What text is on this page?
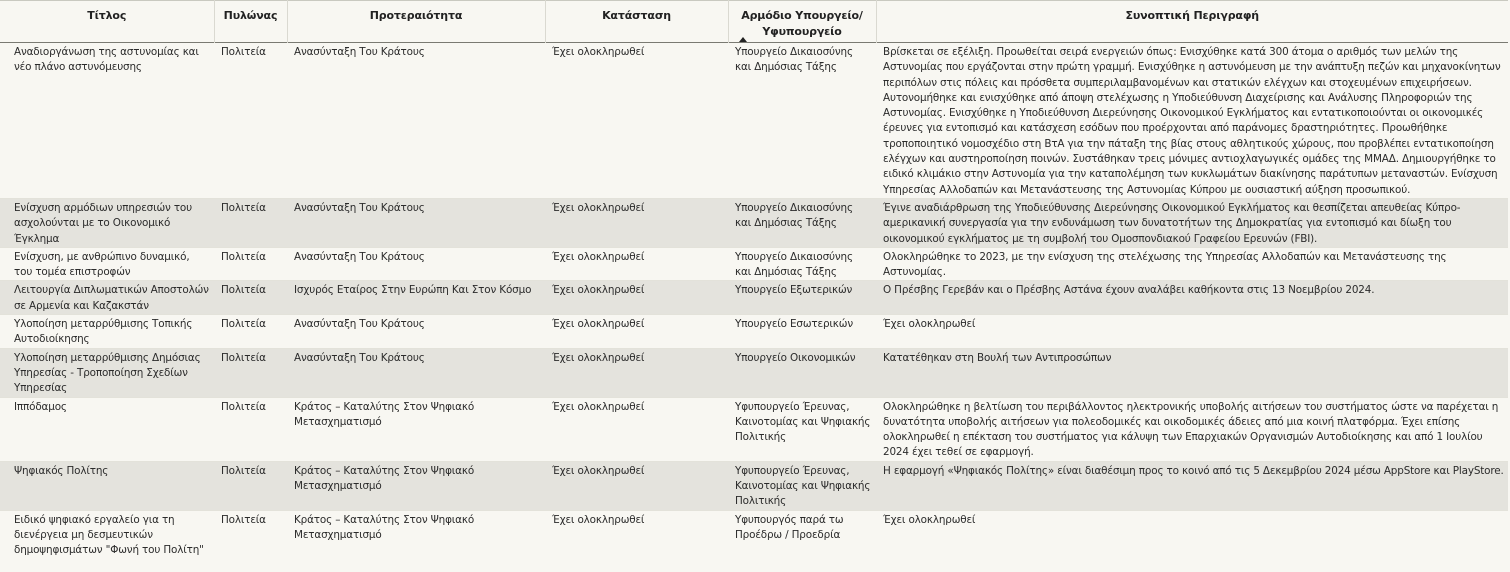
Τίτλος	Πυλώνας	Προτεραιότητα	Κατάσταση	Αρμόδιο Υπουργείο/ Υφυπουργείο	Συνοπτική Περιγραφή
Αναδιοργάνωση της αστυνομίας και νέο πλάνο αστυνόμευσης	Πολιτεία	Ανασύνταξη Του Κράτους	Έχει ολοκληρωθεί	Υπουργείο Δικαιοσύνης και Δημόσιας Τάξης	Βρίσκεται σε εξέλιξη. Προωθείται σειρά ενεργειών όπως: Ενισχύθηκε κατά 300 άτομα ο αριθμός των μελών της Αστυνομίας που εργάζονται στην πρώτη γραμμή. Ενισχύθηκε η αστυνόμευση με την ανάπτυξη πεζών και μηχανοκίνητων περιπόλων στις πόλεις και πρόσθετα συμπεριλαμβανομένων και στατικών ελέγχων και στοχευμένων επιχειρήσεων. Αυτονομήθηκε και ενισχύθηκε από άποψη στελέχωσης η Υποδιεύθυνση Διαχείρισης και Ανάλυσης Πληροφοριών της Αστυνομίας. Ενισχύθηκε η Υποδιεύθυνση Διερεύνησης Οικονομικού Εγκλήματος και εντατικοποιούνται οι οικονομικές έρευνες για εντοπισμό και κατάσχεση εσόδων που προέρχονται από παράνομες δραστηριότητες. Προωθήθηκε τροποποιητικό νομοσχέδιο στη ΒτΑ για την πάταξη της βίας στους αθλητικούς χώρους, που προβλέπει εντατικοποίηση ελέγχων και αυστηροποίηση ποινών. Συστάθηκαν τρεις μόνιμες αντιοχλαγωγικές ομάδες της ΜΜΑΔ. Δημιουργήθηκε το ειδικό κλιμάκιο στην Αστυνομία για την καταπολέμηση των κυκλωμάτων διακίνησης παράτυπων μεταναστών. Ενίσχυση Υπηρεσίας Αλλοδαπών και Μετανάστευσης της Αστυνομίας Κύπρου με ουσιαστική αύξηση προσωπικού.
Ενίσχυση αρμόδιων υπηρεσιών του ασχολούνται με το Οικονομικό Έγκλημα	Πολιτεία	Ανασύνταξη Του Κράτους	Έχει ολοκληρωθεί	Υπουργείο Δικαιοσύνης και Δημόσιας Τάξης	Έγινε αναδιάρθρωση της Υποδιεύθυνσης Διερεύνησης Οικονομικού Εγκλήματος και θεσπίζεται απευθείας Κύπρο-αμερικανική συνεργασία για την ενδυνάμωση των δυνατοτήτων της Δημοκρατίας για εντοπισμό και δίωξη του οικονομικού εγκλήματος με τη συμβολή του Ομοσπονδιακού Γραφείου Ερευνών (FBI).
Ενίσχυση, με ανθρώπινο δυναμικό, του τομέα επιστροφών	Πολιτεία	Ανασύνταξη Του Κράτους	Έχει ολοκληρωθεί	Υπουργείο Δικαιοσύνης και Δημόσιας Τάξης	Ολοκληρώθηκε το 2023, με την ενίσχυση της στελέχωσης της Υπηρεσίας Αλλοδαπών και Μετανάστευσης της Αστυνομίας.
Λειτουργία Διπλωματικών Αποστολών σε Αρμενία και Καζακστάν	Πολιτεία	Ισχυρός Εταίρος Στην Ευρώπη Και Στον Κόσμο	Έχει ολοκληρωθεί	Υπουργείο Εξωτερικών	Ο Πρέσβης Γερεβάν και ο Πρέσβης Αστάνα έχουν αναλάβει καθήκοντα στις 13 Νοεμβρίου 2024.
Υλοποίηση μεταρρύθμισης Τοπικής Αυτοδιοίκησης	Πολιτεία	Ανασύνταξη Του Κράτους	Έχει ολοκληρωθεί	Υπουργείο Εσωτερικών	Έχει ολοκληρωθεί
Υλοποίηση μεταρρύθμισης Δημόσιας Υπηρεσίας - Τροποποίηση Σχεδίων Υπηρεσίας	Πολιτεία	Ανασύνταξη Του Κράτους	Έχει ολοκληρωθεί	Υπουργείο Οικονομικών	Κατατέθηκαν στη Βουλή των Αντιπροσώπων
Ιππόδαμος	Πολιτεία	Κράτος – Καταλύτης Στον Ψηφιακό Μετασχηματισμό	Έχει ολοκληρωθεί	Υφυπουργείο Έρευνας, Καινοτομίας και Ψηφιακής Πολιτικής	Ολοκληρώθηκε η βελτίωση του περιβάλλοντος ηλεκτρονικής υποβολής αιτήσεων του συστήματος ώστε να παρέχεται η δυνατότητα υποβολής αιτήσεων για πολεοδομικές και οικοδομικές άδειες από μια κοινή πλατφόρμα. Έχει επίσης ολοκληρωθεί η επέκταση του συστήματος για κάλυψη των Επαρχιακών Οργανισμών Αυτοδιοίκησης και από 1 Ιουλίου 2024 έχει τεθεί σε εφαρμογή.
Ψηφιακός Πολίτης	Πολιτεία	Κράτος – Καταλύτης Στον Ψηφιακό Μετασχηματισμό	Έχει ολοκληρωθεί	Υφυπουργείο Έρευνας, Καινοτομίας και Ψηφιακής Πολιτικής	Η εφαρμογή «Ψηφιακός Πολίτης» είναι διαθέσιμη προς το κοινό από τις 5 Δεκεμβρίου 2024 μέσω AppStore και PlayStore.
Ειδικό ψηφιακό εργαλείο για τη διενέργεια μη δεσμευτικών δημοψηφισμάτων "Φωνή του Πολίτη"	Πολιτεία	Κράτος – Καταλύτης Στον Ψηφιακό Μετασχηματισμό	Έχει ολοκληρωθεί	Υφυπουργός παρά τω Προέδρω / Προεδρία	Έχει ολοκληρωθεί
